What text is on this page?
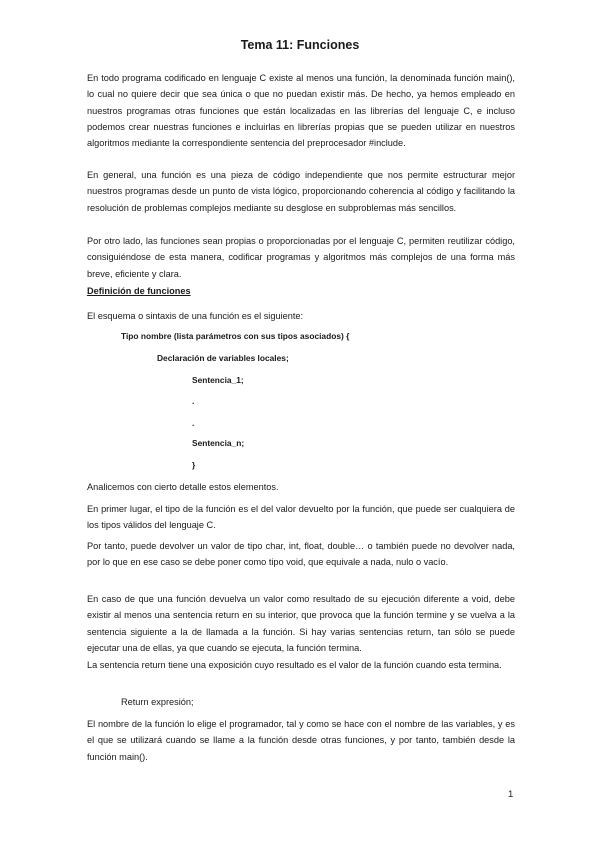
Tema 11: Funciones
En todo programa codificado en lenguaje C existe al menos una función, la denominada función main(), lo cual no quiere decir que sea única o que no puedan existir más. De hecho, ya hemos empleado en nuestros programas otras funciones que están localizadas en las librerías del lenguaje C, e incluso podemos crear nuestras funciones e incluirlas en librerías propias que se pueden utilizar en nuestros algoritmos mediante la correspondiente sentencia del preprocesador #include.
En general, una función es una pieza de código independiente que nos permite estructurar mejor nuestros programas desde un punto de vista lógico, proporcionando coherencia al código y facilitando la resolución de problemas complejos mediante su desglose en subproblemas más sencillos.
Por otro lado, las funciones sean propias o proporcionadas por el lenguaje C, permiten reutilizar código, consiguiéndose de esta manera, codificar programas y algoritmos más complejos de una forma más breve, eficiente y clara.
Definición de funciones
El esquema o sintaxis de una función es el siguiente:
Tipo nombre (lista parámetros con sus tipos asociados) {
Declaración de variables locales;
Sentencia_1;
.
.
Sentencia_n;
}
Analicemos con cierto detalle estos elementos.
En primer lugar, el tipo de la función es el del valor devuelto por la función, que puede ser cualquiera de los tipos válidos del lenguaje C.
Por tanto, puede devolver un valor de tipo char, int, float, double… o también puede no devolver nada, por lo que en ese caso se debe poner como tipo void, que equivale a nada, nulo o vacío.
En caso de que una función devuelva un valor como resultado de su ejecución diferente a void, debe existir al menos una sentencia return en su interior, que provoca que la función termine y se vuelva a la sentencia siguiente a la de llamada a la función. Si hay varias sentencias return, tan sólo se puede ejecutar una de ellas, ya que cuando se ejecuta, la función termina.
La sentencia return tiene una exposición cuyo resultado es el valor de la función cuando esta termina.
Return expresión;
El nombre de la función lo elige el programador, tal y como se hace con el nombre de las variables, y es el que se utilizará cuando se llame a la función desde otras funciones, y por tanto, también desde la función main().
1
